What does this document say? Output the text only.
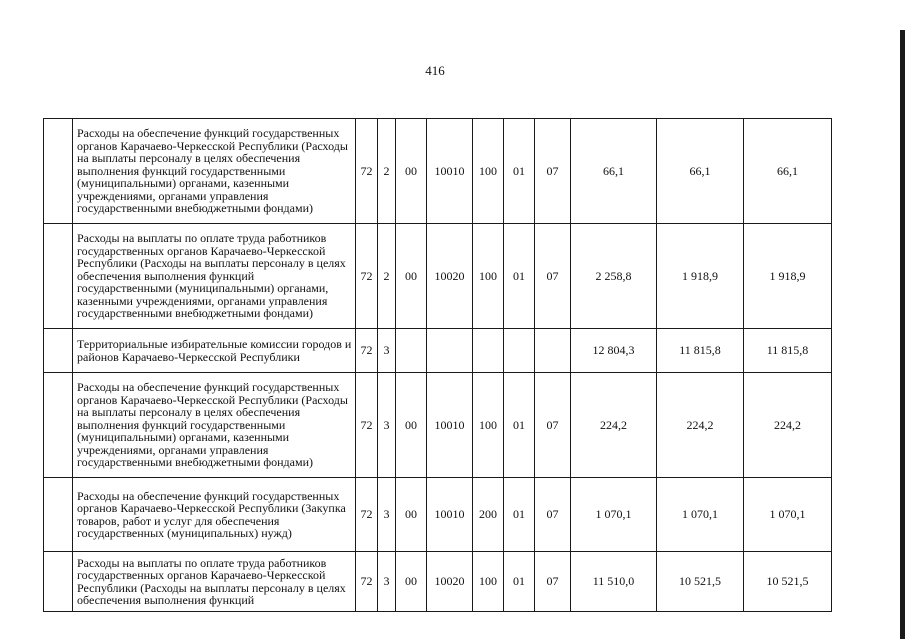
416
	Расходы на обеспечение функций государственных органов Карачаево-Черкесской Республики (Расходы на выплаты персоналу в целях обеспечения выполнения функций государственными (муниципальными) органами, казенными учреждениями, органами управления государственными внебюджетными фондами)	72	2	00	10010	100	01	07	66,1	66,1	66,1
	Расходы на выплаты по оплате труда работников государственных органов Карачаево-Черкесской Республики (Расходы на выплаты персоналу в целях обеспечения выполнения функций государственными (муниципальными) органами, казенными учреждениями, органами управления государственными внебюджетными фондами)	72	2	00	10020	100	01	07	2 258,8	1 918,9	1 918,9
	Территориальные избирательные комиссии городов и районов Карачаево-Черкесской Республики	72	3						12 804,3	11 815,8	11 815,8
	Расходы на обеспечение функций государственных органов Карачаево-Черкесской Республики (Расходы на выплаты персоналу в целях обеспечения выполнения функций государственными (муниципальными) органами, казенными учреждениями, органами управления государственными внебюджетными фондами)	72	3	00	10010	100	01	07	224,2	224,2	224,2
	Расходы на обеспечение функций государственных органов Карачаево-Черкесской Республики (Закупка товаров, работ и услуг для обеспечения государственных (муниципальных) нужд)	72	3	00	10010	200	01	07	1 070,1	1 070,1	1 070,1
	Расходы на выплаты по оплате труда работников государственных органов Карачаево-Черкесской Республики (Расходы на выплаты персоналу в целях обеспечения выполнения функций	72	3	00	10020	100	01	07	11 510,0	10 521,5	10 521,5
